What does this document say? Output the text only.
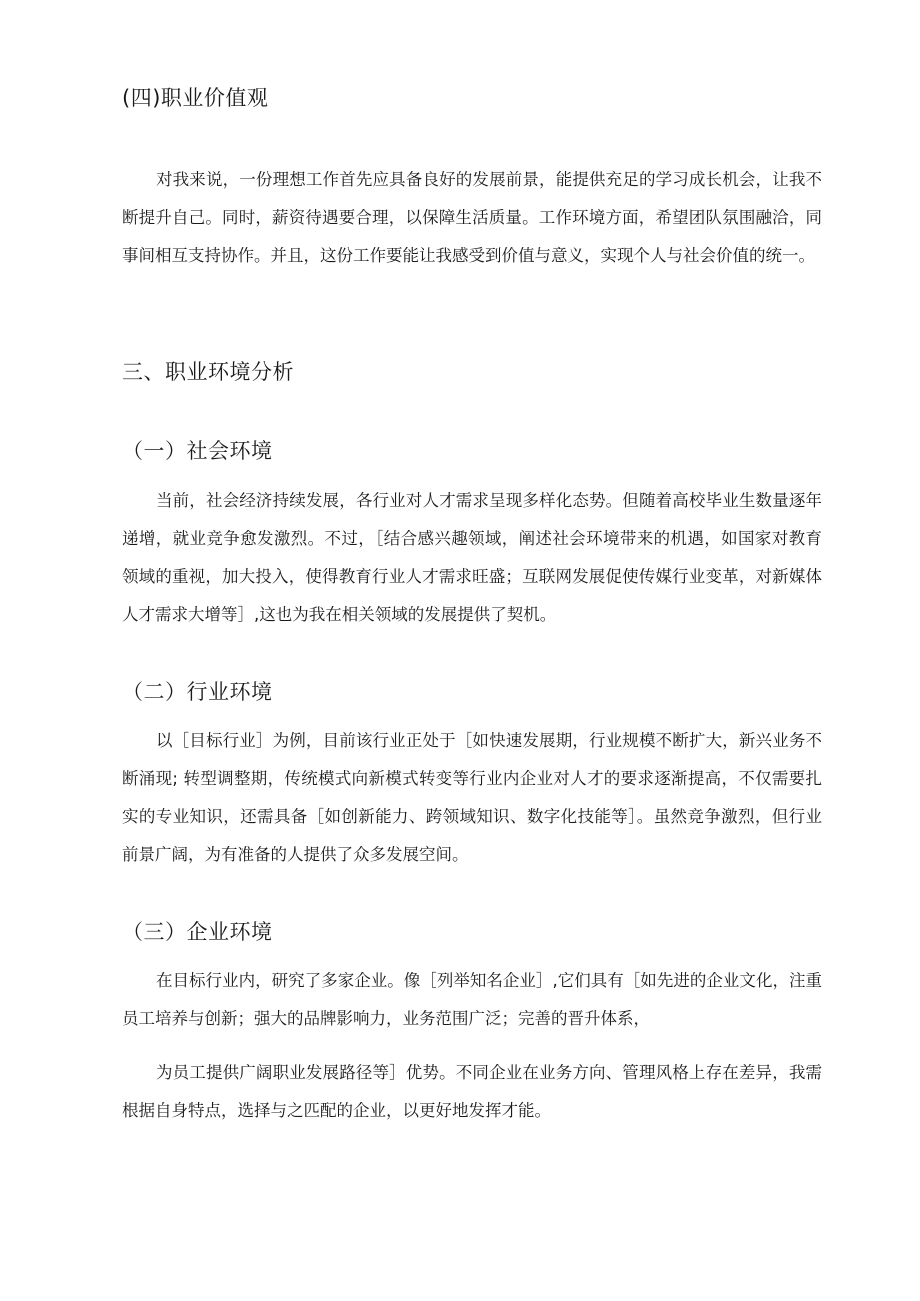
(四)职业价值观

对我来说，一份理想工作首先应具备良好的发展前景，能提供充足的学习成长机会，让我不断提升自己。同时，薪资待遇要合理，以保障生活质量。工作环境方面，希望团队氛围融洽，同事间相互支持协作。并且，这份工作要能让我感受到价值与意义，实现个人与社会价值的统一。

三、职业环境分析
（一）社会环境

当前，社会经济持续发展，各行业对人才需求呈现多样化态势。但随着高校毕业生数量逐年递增，就业竞争愈发激烈。不过，［结合感兴趣领域，阐述社会环境带来的机遇，如国家对教育领域的重视，加大投入，使得教育行业人才需求旺盛；互联网发展促使传媒行业变革，对新媒体人才需求大增等］,这也为我在相关领域的发展提供了契机。

（二）行业环境

以［目标行业］为例，目前该行业正处于［如快速发展期，行业规模不断扩大，新兴业务不断涌现; 转型调整期，传统模式向新模式转变等行业内企业对人才的要求逐渐提高，不仅需要扎实的专业知识，还需具备［如创新能力、跨领域知识、数字化技能等］。虽然竞争激烈，但行业前景广阔，为有准备的人提供了众多发展空间。

（三）企业环境

在目标行业内，研究了多家企业。像［列举知名企业］,它们具有［如先进的企业文化，注重员工培养与创新；强大的品牌影响力，业务范围广泛；完善的晋升体系，

为员工提供广阔职业发展路径等］优势。不同企业在业务方向、管理风格上存在差异，我需根据自身特点，选择与之匹配的企业，以更好地发挥才能。
